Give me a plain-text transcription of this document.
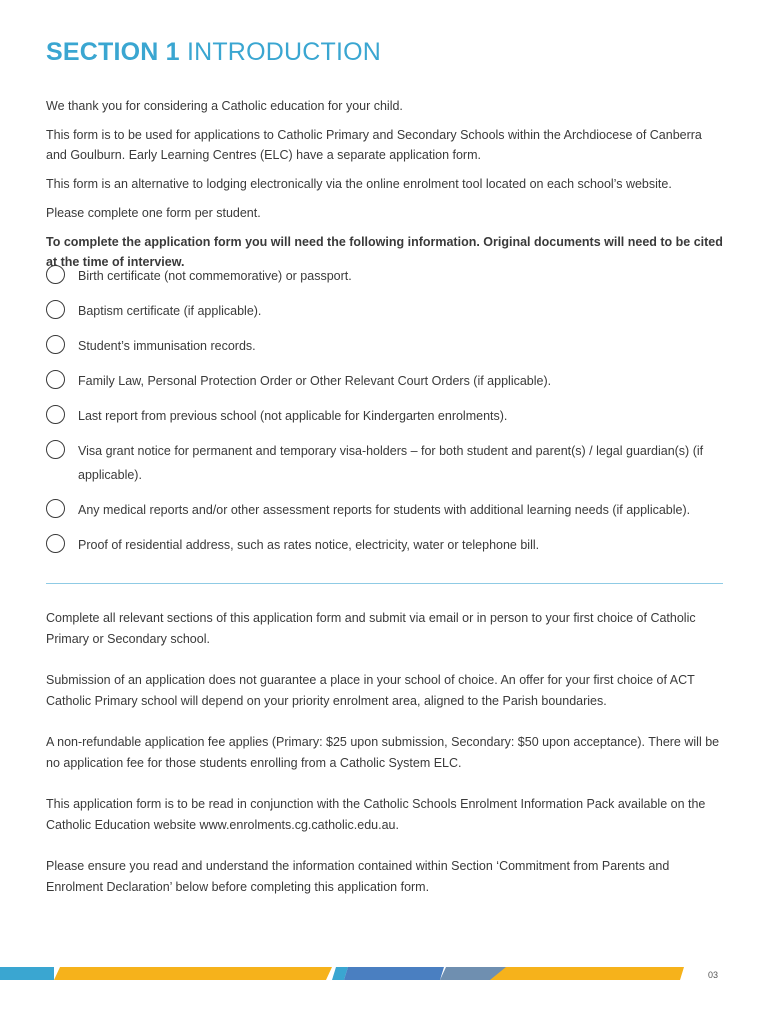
SECTION 1 INTRODUCTION

We thank you for considering a Catholic education for your child.

This form is to be used for applications to Catholic Primary and Secondary Schools within the Archdiocese of Canberra and Goulburn. Early Learning Centres (ELC) have a separate application form.

This form is an alternative to lodging electronically via the online enrolment tool located on each school’s website.

Please complete one form per student.

To complete the application form you will need the following information. Original documents will need to be cited at the time of interview.

Birth certificate (not commemorative) or passport.
Baptism certificate (if applicable).
Student’s immunisation records.
Family Law, Personal Protection Order or Other Relevant Court Orders (if applicable).
Last report from previous school (not applicable for Kindergarten enrolments).
Visa grant notice for permanent and temporary visa-holders – for both student and parent(s) / legal guardian(s) (if applicable).
Any medical reports and/or other assessment reports for students with additional learning needs (if applicable).
Proof of residential address, such as rates notice, electricity, water or telephone bill.

Complete all relevant sections of this application form and submit via email or in person to your first choice of Catholic Primary or Secondary school.

Submission of an application does not guarantee a place in your school of choice. An offer for your first choice of ACT Catholic Primary school will depend on your priority enrolment area, aligned to the Parish boundaries.

A non-refundable application fee applies (Primary: $25 upon submission, Secondary: $50 upon acceptance). There will be no application fee for those students enrolling from a Catholic System ELC.

This application form is to be read in conjunction with the Catholic Schools Enrolment Information Pack available on the Catholic Education website www.enrolments.cg.catholic.edu.au.

Please ensure you read and understand the information contained within Section ‘Commitment from Parents and Enrolment Declaration’ below before completing this application form.

03
